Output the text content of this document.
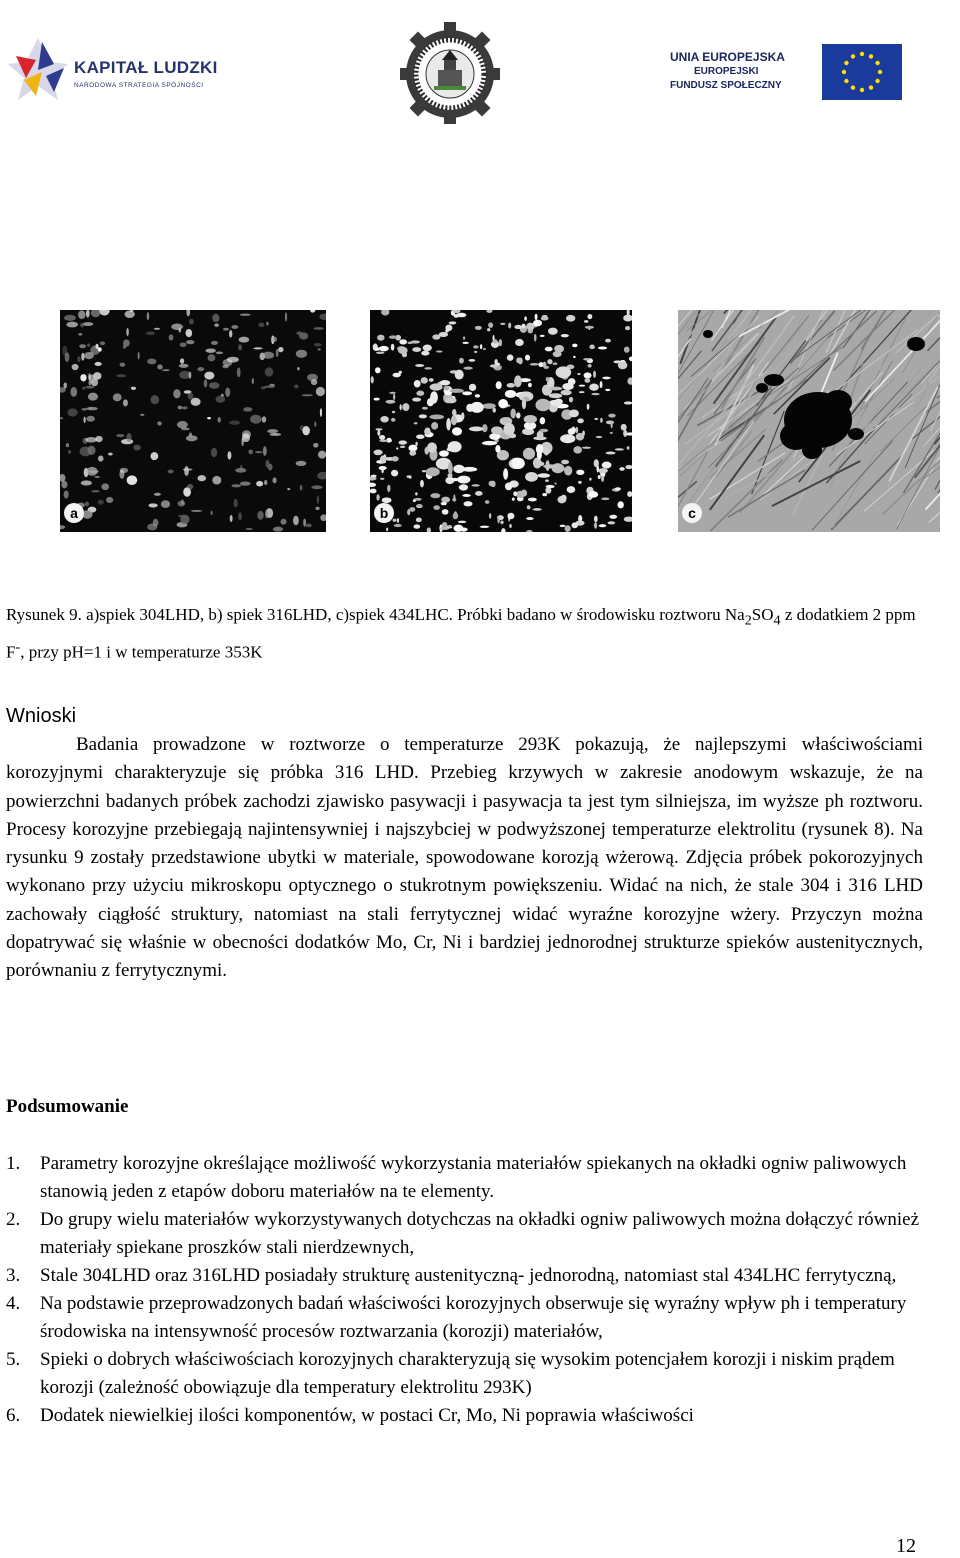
KAPITAŁ LUDZKI
NARODOWA STRATEGIA SPÓJNOŚCI
UNIA EUROPEJSKA
EUROPEJSKI
FUNDUSZ SPOŁECZNY
a	b	c
Rysunek 9. a)spiek 304LHD, b) spiek 316LHD, c)spiek 434LHC. Próbki badano w środowisku roztworu $Na_2SO_4$ z dodatkiem 2 ppm F-, przy pH=1 i w temperaturze 353K
Wnioski
Badania prowadzone w roztworze o temperaturze 293K pokazują, że najlepszymi właściwościami korozyjnymi charakteryzuje się próbka 316 LHD. Przebieg krzywych w zakresie anodowym wskazuje, że na powierzchni badanych próbek zachodzi zjawisko pasywacji i pasywacja ta jest tym silniejsza, im wyższe ph roztworu. Procesy korozyjne przebiegają najintensywniej i najszybciej w podwyższonej temperaturze elektrolitu (rysunek 8). Na rysunku 9 zostały przedstawione ubytki w materiale, spowodowane korozją wżerową. Zdjęcia próbek pokorozyjnych wykonano przy użyciu mikroskopu optycznego o stukrotnym powiększeniu. Widać na nich, że stale 304 i 316 LHD zachowały ciągłość struktury, natomiast na stali ferrytycznej widać wyraźne korozyjne wżery. Przyczyn można dopatrywać się właśnie w obecności dodatków Mo, Cr, Ni i bardziej jednorodnej strukturze spieków austenitycznych, porównaniu z ferrytycznymi.
Podsumowanie
1. Parametry korozyjne określające możliwość wykorzystania materiałów spiekanych na okładki ogniw paliwowych stanowią jeden z etapów doboru materiałów na te elementy.
2. Do grupy wielu materiałów wykorzystywanych dotychczas na okładki ogniw paliwowych można dołączyć również materiały spiekane proszków stali nierdzewnych,
3. Stale 304LHD oraz 316LHD posiadały strukturę austenityczną- jednorodną, natomiast stal 434LHC ferrytyczną,
4. Na podstawie przeprowadzonych badań właściwości korozyjnych obserwuje się wyraźny wpływ ph i temperatury środowiska na intensywność procesów roztwarzania (korozji) materiałów,
5. Spieki o dobrych właściwościach korozyjnych charakteryzują się wysokim potencjałem korozji i niskim prądem korozji (zależność obowiązuje dla temperatury elektrolitu 293K)
6. Dodatek niewielkiej ilości komponentów, w postaci Cr, Mo, Ni poprawia właściwości
12
